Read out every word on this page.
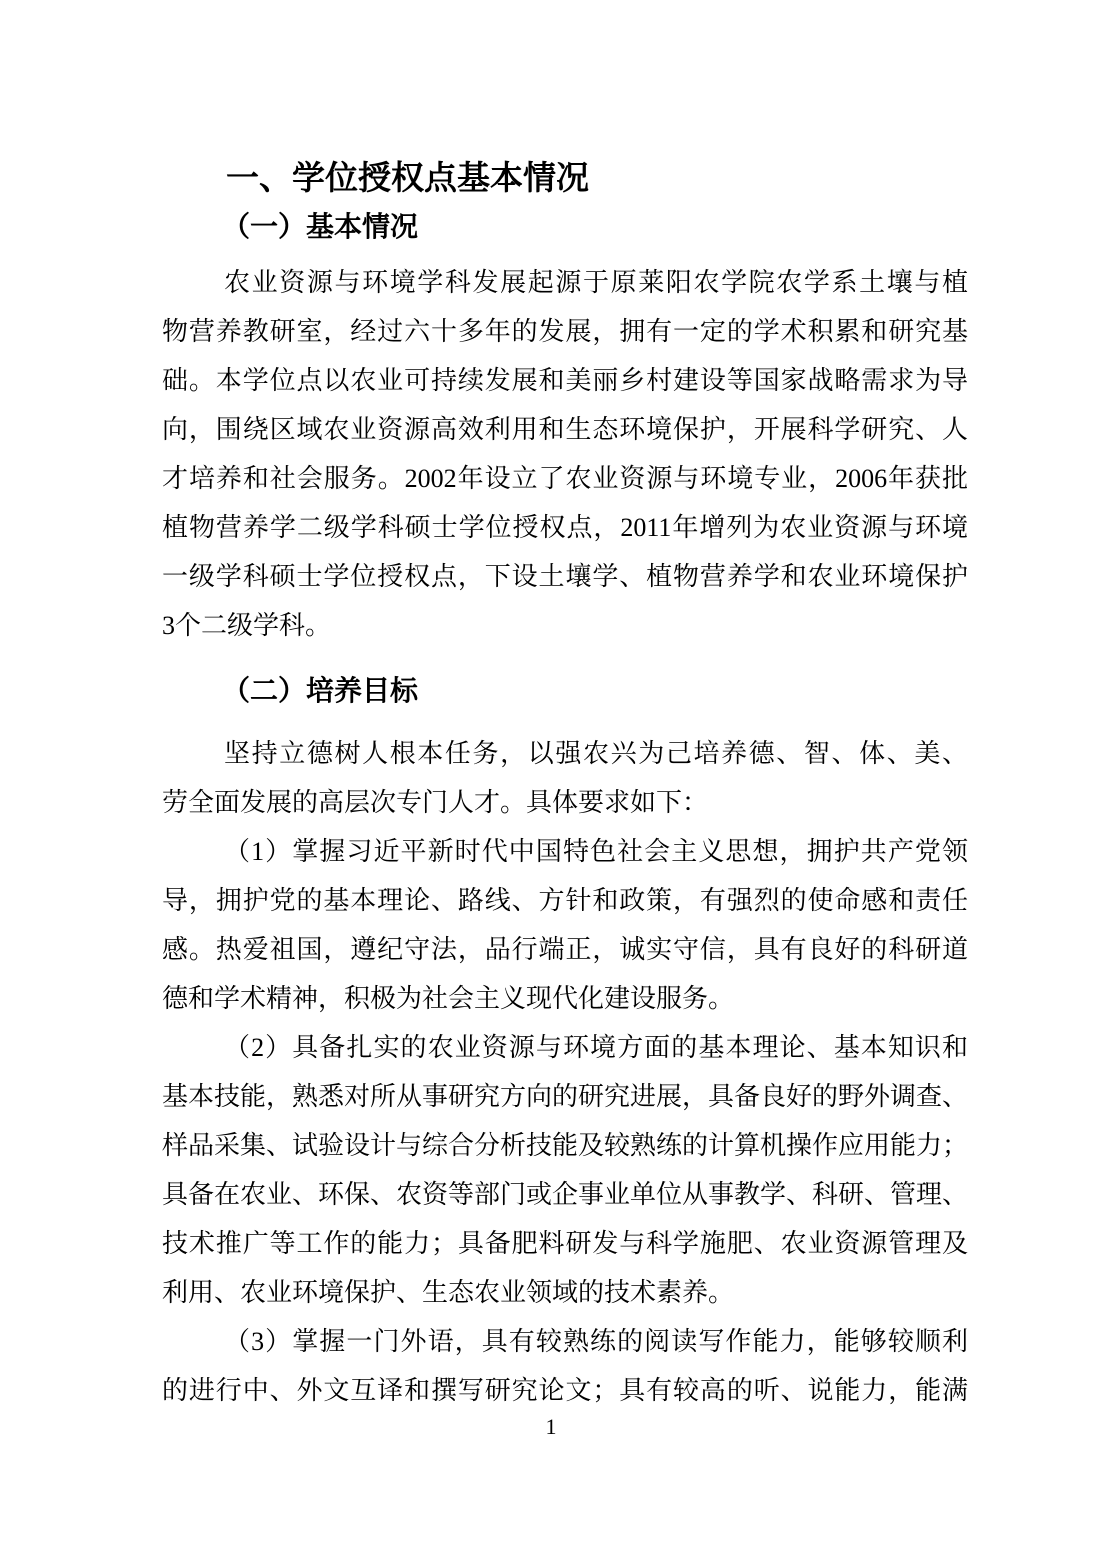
一、学位授权点基本情况
（一）基本情况
农业资源与环境学科发展起源于原莱阳农学院农学系土壤与植
物营养教研室，经过六十多年的发展，拥有一定的学术积累和研究基
础。本学位点以农业可持续发展和美丽乡村建设等国家战略需求为导
向，围绕区域农业资源高效利用和生态环境保护，开展科学研究、人
才培养和社会服务。2002年设立了农业资源与环境专业，2006年获批
植物营养学二级学科硕士学位授权点，2011年增列为农业资源与环境
一级学科硕士学位授权点，下设土壤学、植物营养学和农业环境保护
3个二级学科。
（二）培养目标
坚持立德树人根本任务，以强农兴为己培养德、智、体、美、
劳全面发展的高层次专门人才。具体要求如下：
（1）掌握习近平新时代中国特色社会主义思想，拥护共产党领
导，拥护党的基本理论、路线、方针和政策，有强烈的使命感和责任
感。热爱祖国，遵纪守法，品行端正，诚实守信，具有良好的科研道
德和学术精神，积极为社会主义现代化建设服务。
（2）具备扎实的农业资源与环境方面的基本理论、基本知识和
基本技能，熟悉对所从事研究方向的研究进展，具备良好的野外调查、
样品采集、试验设计与综合分析技能及较熟练的计算机操作应用能力；
具备在农业、环保、农资等部门或企事业单位从事教学、科研、管理、
技术推广等工作的能力；具备肥料研发与科学施肥、农业资源管理及
利用、农业环境保护、生态农业领域的技术素养。
（3）掌握一门外语，具有较熟练的阅读写作能力，能够较顺利
的进行中、外文互译和撰写研究论文；具有较高的听、说能力，能满
1
